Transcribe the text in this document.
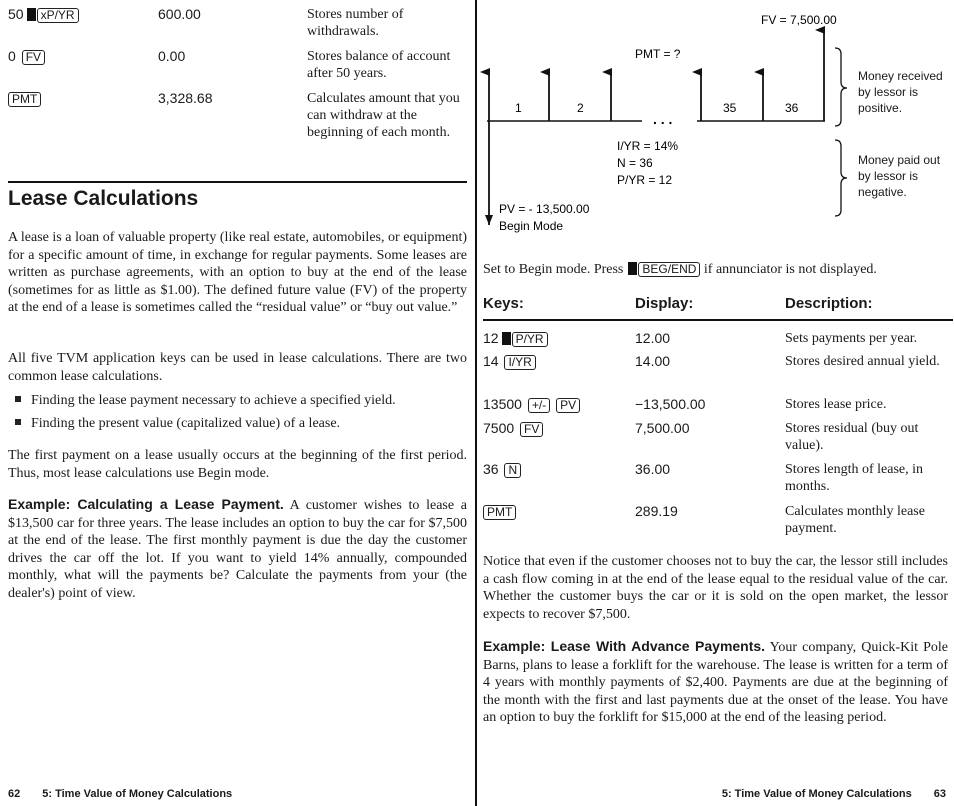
50 xP/YR	600.00	Stores number of withdrawals.
0 FV	0.00	Stores balance of account after 50 years.
PMT	3,328.68	Calculates amount that you can withdraw at the beginning of each month.
Lease Calculations
A lease is a loan of valuable property (like real estate, automobiles, or equipment) for a specific amount of time, in exchange for regular payments. Some leases are written as purchase agreements, with an option to buy at the end of the lease (sometimes for as little as $1.00). The defined future value (FV) of the property at the end of a lease is sometimes called the “residual value” or “buy out value.”
All five TVM application keys can be used in lease calculations. There are two common lease calculations.
Finding the lease payment necessary to achieve a specified yield.
Finding the present value (capitalized value) of a lease.
The first payment on a lease usually occurs at the beginning of the first period. Thus, most lease calculations use Begin mode.
Example: Calculating a Lease Payment. A customer wishes to lease a $13,500 car for three years. The lease includes an option to buy the car for $7,500 at the end of the lease. The first monthly payment is due the day the customer drives the car off the lot. If you want to yield 14% annually, compounded monthly, what will the payments be? Calculate the payments from your (the dealer's) point of view.
62 5: Time Value of Money Calculations
FV = 7,500.00
PMT = ?
1	2	35	36
. . .
I/YR = 14%
N = 36
P/YR = 12
PV = - 13,500.00
Begin Mode
Money received by lessor is positive.
Money paid out by lessor is negative.
Set to Begin mode. Press BEG/END if annunciator is not displayed.
Keys:	Display:	Description:
12 P/YR	12.00	Sets payments per year.
14 I/YR	14.00	Stores desired annual yield.
13500 +/- PV	−13,500.00	Stores lease price.
7500 FV	7,500.00	Stores residual (buy out value).
36 N	36.00	Stores length of lease, in months.
PMT	289.19	Calculates monthly lease payment.
Notice that even if the customer chooses not to buy the car, the lessor still includes a cash flow coming in at the end of the lease equal to the residual value of the car. Whether the customer buys the car or it is sold on the open market, the lessor expects to recover $7,500.
Example: Lease With Advance Payments. Your company, Quick-Kit Pole Barns, plans to lease a forklift for the warehouse. The lease is written for a term of 4 years with monthly payments of $2,400. Payments are due at the beginning of the month with the first and last payments due at the onset of the lease. You have an option to buy the forklift for $15,000 at the end of the leasing period.
5: Time Value of Money Calculations 63
